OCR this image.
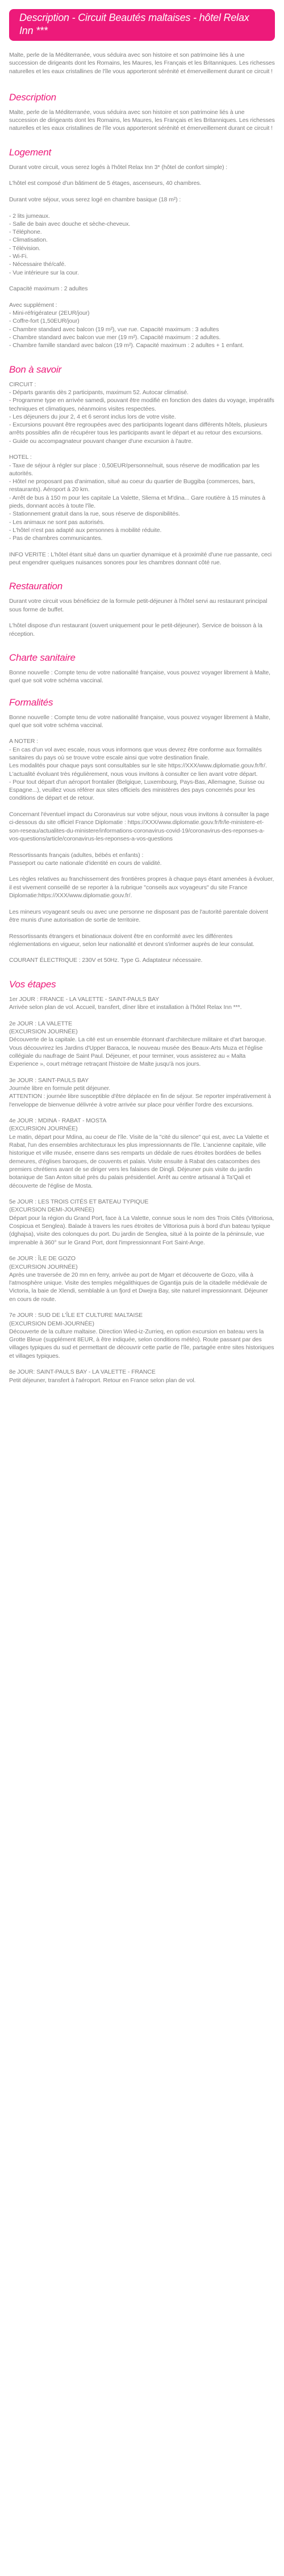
Description - Circuit Beautés maltaises - hôtel Relax Inn ***

Malte, perle de la Méditerranée, vous séduira avec son histoire et son patrimoine liés à une succession de dirigeants dont les Romains, les Maures, les Français et les Britanniques. Les richesses naturelles et les eaux cristallines de l'île vous apporteront sérénité et émerveillement durant ce circuit !

Description

Malte, perle de la Méditerranée, vous séduira avec son histoire et son patrimoine liés à une succession de dirigeants dont les Romains, les Maures, les Français et les Britanniques. Les richesses naturelles et les eaux cristallines de l'île vous apporteront sérénité et émerveillement durant ce circuit !

Logement

Durant votre circuit, vous serez logés à l'hôtel Relax Inn 3* (hôtel de confort simple) :

L'hôtel est composé d'un bâtiment de 5 étages, ascenseurs, 40 chambres.

Durant votre séjour, vous serez logé en chambre basique (18 m²) :

- 2 lits jumeaux.
- Salle de bain avec douche et sèche-cheveux.
- Téléphone.
- Climatisation.
- Télévision.
- Wi-Fi.
- Nécessaire thé/café.
- Vue intérieure sur la cour.

Capacité maximum : 2 adultes

Avec supplément :
- Mini-réfrigérateur (2EUR/jour)
- Coffre-fort (1,50EUR/jour)
- Chambre standard avec balcon (19 m²), vue rue. Capacité maximum : 3 adultes
- Chambre standard avec balcon vue mer (19 m²). Capacité maximum : 2 adultes.
- Chambre famille standard avec balcon (19 m²). Capacité maximum : 2 adultes + 1 enfant.

Bon à savoir

CIRCUIT :
- Départs garantis dès 2 participants, maximum 52. Autocar climatisé.
- Programme type en arrivée samedi, pouvant être modifié en fonction des dates du voyage, impératifs techniques et climatiques, néanmoins visites respectées.
- Les déjeuners du jour 2, 4 et 6 seront inclus lors de votre visite.
- Excursions pouvant être regroupées avec des participants logeant dans différents hôtels, plusieurs arrêts possibles afin de récupérer tous les participants avant le départ et au retour des excursions.
- Guide ou accompagnateur pouvant changer d'une excursion à l'autre.

HOTEL :
- Taxe de séjour à régler sur place : 0,50EUR/personne/nuit, sous réserve de modification par les autorités.
- Hôtel ne proposant pas d'animation, situé au coeur du quartier de Buggiba (commerces, bars, restaurants). Aéroport à 20 km.
- Arrêt de bus à 150 m pour les capitale La Valette, Sliema et M'dina... Gare routière à 15 minutes à pieds, donnant accès à toute l'île.
- Stationnement gratuit dans la rue, sous réserve de disponibilités.
- Les animaux ne sont pas autorisés.
- L'hôtel n'est pas adapté aux personnes à mobilité réduite.
- Pas de chambres communicantes.

INFO VERITE : L'hôtel étant situé dans un quartier dynamique et à proximité d'une rue passante, ceci peut engendrer quelques nuisances sonores pour les chambres donnant côté rue.

Restauration

Durant votre circuit vous bénéficiez de la formule petit-déjeuner à l'hôtel servi au restaurant principal sous forme de buffet.

L'hôtel dispose d'un restaurant (ouvert uniquement pour le petit-déjeuner). Service de boisson à la réception.

Charte sanitaire

Bonne nouvelle : Compte tenu de votre nationalité française, vous pouvez voyager librement à Malte, quel que soit votre schéma vaccinal.

Formalités

Bonne nouvelle : Compte tenu de votre nationalité française, vous pouvez voyager librement à Malte, quel que soit votre schéma vaccinal.

A NOTER :
- En cas d'un vol avec escale, nous vous informons que vous devrez être conforme aux formalités sanitaires du pays où se trouve votre escale ainsi que votre destination finale.
Les modalités pour chaque pays sont consultables sur le site https://XXX/www.diplomatie.gouv.fr/fr/. L'actualité évoluant très régulièrement, nous vous invitons à consulter ce lien avant votre départ.
- Pour tout départ d'un aéroport frontalier (Belgique, Luxembourg, Pays-Bas, Allemagne, Suisse ou Espagne...), veuillez vous référer aux sites officiels des ministères des pays concernés pour les conditions de départ et de retour.

Concernant l'éventuel impact du Coronavirus sur votre séjour, nous vous invitons à consulter la page ci-dessous du site officiel France Diplomatie : https://XXX/www.diplomatie.gouv.fr/fr/le-ministere-et-son-reseau/actualites-du-ministere/informations-coronavirus-covid-19/coronavirus-des-reponses-a-vos-questions/article/coronavirus-les-reponses-a-vos-questions

Ressortissants français (adultes, bébés et enfants) :
Passeport ou carte nationale d'identité en cours de validité.

Les règles relatives au franchissement des frontières propres à chaque pays étant amenées à évoluer, il est vivement conseillé de se reporter à la rubrique "conseils aux voyageurs" du site France Diplomatie:https://XXX/www.diplomatie.gouv.fr/.

Les mineurs voyageant seuls ou avec une personne ne disposant pas de l'autorité parentale doivent être munis d'une autorisation de sortie de territoire.

Ressortissants étrangers et binationaux doivent être en conformité avec les différentes réglementations en vigueur, selon leur nationalité et devront s'informer auprès de leur consulat.

COURANT ÉLECTRIQUE : 230V et 50Hz. Type G. Adaptateur nécessaire.

Vos étapes

1er JOUR : FRANCE - LA VALETTE - SAINT-PAULS BAY
Arrivée selon plan de vol. Accueil, transfert, dîner libre et installation à l'hôtel Relax Inn ***.

2e JOUR : LA VALETTE
(EXCURSION JOURNÉE)
Découverte de la capitale. La cité est un ensemble étonnant d'architecture militaire et d'art baroque. Vous découvrirez les Jardins d'Upper Baracca, le nouveau musée des Beaux-Arts Muza et l'église collégiale du naufrage de Saint Paul. Déjeuner, et pour terminer, vous assisterez au « Malta Experience », court métrage retraçant l'histoire de Malte jusqu'à nos jours.

3e JOUR : SAINT-PAULS BAY
Journée libre en formule petit déjeuner.
ATTENTION : journée libre susceptible d'être déplacée en fin de séjour. Se reporter impérativement à l'enveloppe de bienvenue délivrée à votre arrivée sur place pour vérifier l'ordre des excursions.

4e JOUR : MDINA - RABAT - MOSTA
(EXCURSION JOURNÉE)
Le matin, départ pour Mdina, au coeur de l'île. Visite de la "cité du silence" qui est, avec La Valette et Rabat, l'un des ensembles architecturaux les plus impressionnants de l'île. L'ancienne capitale, ville historique et ville musée, enserre dans ses remparts un dédale de rues étroites bordées de belles demeures, d'églises baroques, de couvents et palais. Visite ensuite à Rabat des catacombes des premiers chrétiens avant de se diriger vers les falaises de Dingli. Déjeuner puis visite du jardin botanique de San Anton situé près du palais présidentiel. Arrêt au centre artisanal à Ta'Qali et découverte de l'église de Mosta.

5e JOUR : LES TROIS CITÉS ET BATEAU TYPIQUE
(EXCURSION DEMI-JOURNÉE)
Départ pour la région du Grand Port, face à La Valette, connue sous le nom des Trois Cités (Vittoriosa, Cospicua et Senglea). Balade à travers les rues étroites de Vittoriosa puis à bord d'un bateau typique (dghajsa), visite des colonques du port. Du jardin de Senglea, situé à la pointe de la péninsule, vue imprenable à 360° sur le Grand Port, dont l'impressionnant Fort Saint-Ange.

6e JOUR : ÎLE DE GOZO
(EXCURSION JOURNÉE)
Après une traversée de 20 mn en ferry, arrivée au port de Mgarr et découverte de Gozo, villa à l'atmosphère unique. Visite des temples mégalithiques de Ggantija puis de la citadelle médiévale de Victoria, la baie de Xlendi, semblable à un fjord et Dwejra Bay, site naturel impressionnant. Déjeuner en cours de route.

7e JOUR : SUD DE L'ÎLE ET CULTURE MALTAISE
(EXCURSION DEMI-JOURNÉE)
Découverte de la culture maltaise. Direction Wied-iz-Zurrieq, en option excursion en bateau vers la Grotte Bleue (supplément 8EUR, à être indiquée, selon conditions météo). Route passant par des villages typiques du sud et permettant de découvrir cette partie de l'île, partagée entre sites historiques et villages typiques.

8e JOUR: SAINT-PAULS BAY - LA VALETTE - FRANCE
Petit déjeuner, transfert à l'aéroport. Retour en France selon plan de vol.
